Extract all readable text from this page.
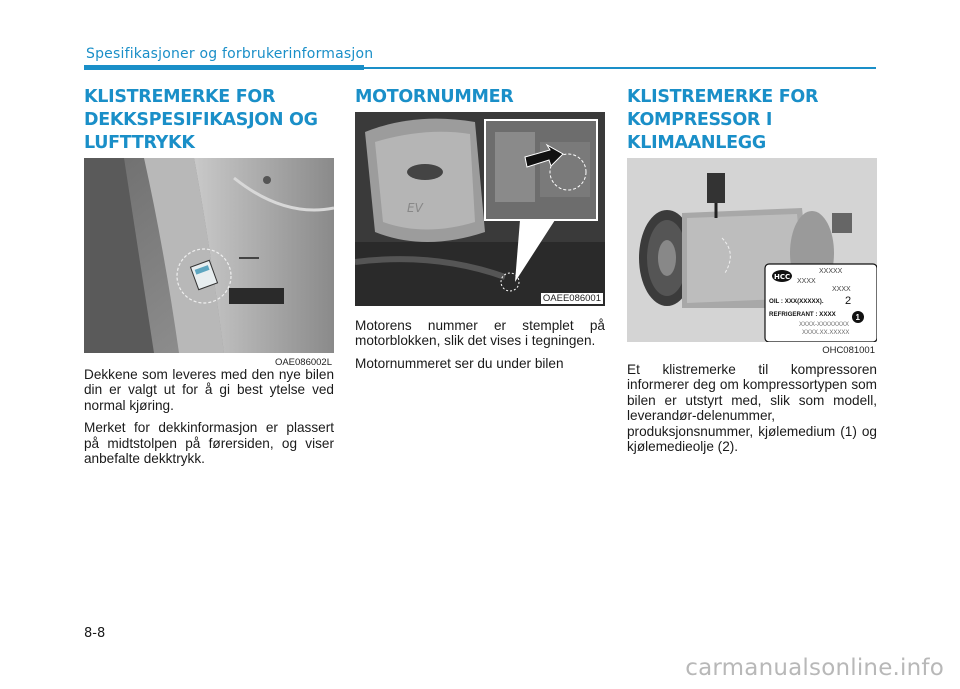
Spesifikasjoner og forbrukerinformasjon
KLISTREMERKE FOR DEKKSPESIFIKASJON OG LUFTTRYKK
OAE086002L

Dekkene som leveres med den nye bilen din er valgt ut for å gi best ytelse ved normal kjøring.

Merket for dekkinformasjon er plassert på midtstolpen på førersiden, og viser anbefalte dekktrykk.

MOTORNUMMER
EV
OAEE086001

Motorens nummer er stemplet på motorblokken, slik det vises i tegningen.

Motornummeret ser du under bilen

KLISTREMERKE FOR KOMPRESSOR I KLIMAANLEGG
HCC
XXXXX
XXXX
XXXX
OIL : XXX(XXXXX). 2
REFRIGERANT : XXXX 1
XXXX-XXXXXXXX
XXXX.XX.XXXXX
OHC081001

Et klistremerke til kompressoren informerer deg om kompressortypen som bilen er utstyrt med, slik som modell, leverandør-delenummer, produksjonsnummer, kjølemedium (1) og kjølemedieolje (2).

8-8
carmanualsonline.info
